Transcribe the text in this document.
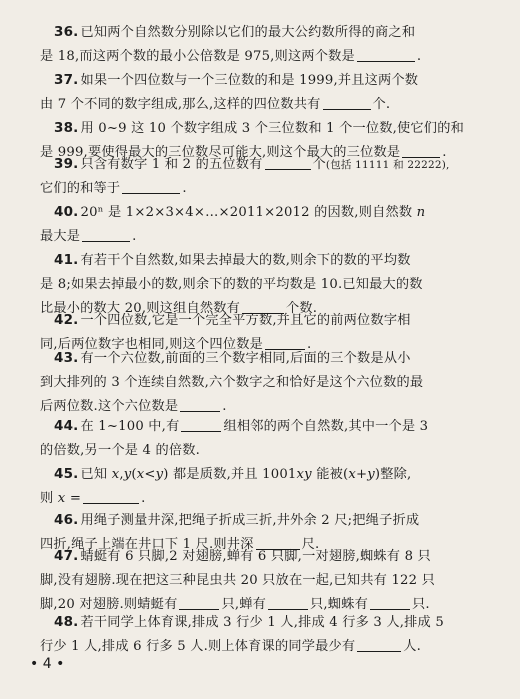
36. 已知两个自然数分别除以它们的最大公约数所得的商之和
是 18,而这两个数的最小公倍数是 975,则这两个数是	.
37. 如果一个四位数与一个三位数的和是 1999,并且这两个数
由 7 个不同的数字组成,那么,这样的四位数共有	个.
38. 用 0~9 这 10 个数字组成 3 个三位数和 1 个一位数,使它们的和
是 999,要使得最大的三位数尽可能大,则这个最大的三位数是	.
39. 只含有数字 1 和 2 的五位数有	个(包括 11111 和 22222),
它们的和等于	.
40. 20ⁿ 是 1×2×3×4×…×2011×2012 的因数,则自然数 n
最大是	.
41. 有若干个自然数,如果去掉最大的数,则余下的数的平均数
是 8;如果去掉最小的数,则余下的数的平均数是 10.已知最大的数
比最小的数大 20,则这组自然数有	个数.
42. 一个四位数,它是一个完全平方数,并且它的前两位数字相
同,后两位数字也相同,则这个四位数是	.
43. 有一个六位数,前面的三个数字相同,后面的三个数是从小
到大排列的 3 个连续自然数,六个数字之和恰好是这个六位数的最
后两位数.这个六位数是	.
44. 在 1~100 中,有	组相邻的两个自然数,其中一个是 3
的倍数,另一个是 4 的倍数.
45. 已知 x,y(x<y) 都是质数,并且 1001xy 能被(x+y)整除,
则 x =	.
46. 用绳子测量井深,把绳子折成三折,井外余 2 尺;把绳子折成
四折,绳子上端在井口下 1 尺.则井深	尺.
47. 蜻蜓有 6 只脚,2 对翅膀,蝉有 6 只脚,一对翅膀,蜘蛛有 8 只
脚,没有翅膀.现在把这三种昆虫共 20 只放在一起,已知共有 122 只
脚,20 对翅膀.则蜻蜓有	只,蝉有	只,蜘蛛有	只.
48. 若干同学上体育课,排成 3 行少 1 人,排成 4 行多 3 人,排成 5
行少 1 人,排成 6 行多 5 人.则上体育课的同学最少有	人.
• 4 •
